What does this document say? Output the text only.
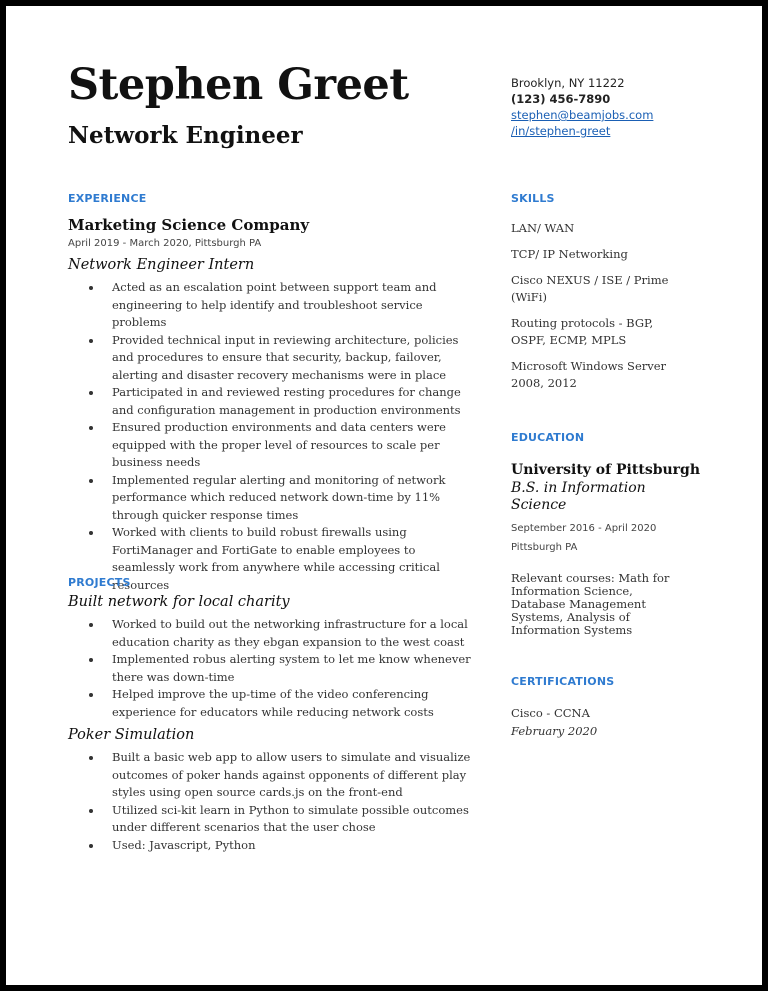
Stephen Greet
Network Engineer
Brooklyn, NY 11222
(123) 456-7890
stephen@beamjobs.com
/in/stephen-greet
EXPERIENCE
Marketing Science Company
April 2019 - March 2020, Pittsburgh PA
Network Engineer Intern
Acted as an escalation point between support team and engineering to help identify and troubleshoot service problems
Provided technical input in reviewing architecture, policies and procedures to ensure that security, backup, failover, alerting and disaster recovery mechanisms were in place
Participated in and reviewed resting procedures for change and configuration management in production environments
Ensured production environments and data centers were equipped with the proper level of resources to scale per business needs
Implemented regular alerting and monitoring of network performance which reduced network down-time by 11% through quicker response times
Worked with clients to build robust firewalls using FortiManager and FortiGate to enable employees to seamlessly work from anywhere while accessing critical resources
PROJECTS
Built network for local charity
Worked to build out the networking infrastructure for a local education charity as they ebgan expansion to the west coast
Implemented robus alerting system to let me know whenever there was down-time
Helped improve the up-time of the video conferencing experience for educators while reducing network costs
Poker Simulation
Built a basic web app to allow users to simulate and visualize outcomes of poker hands against opponents of different play styles using open source cards.js on the front-end
Utilized sci-kit learn in Python to simulate possible outcomes under different scenarios that the user chose
Used: Javascript, Python
SKILLS
LAN/ WAN
TCP/ IP Networking
Cisco NEXUS / ISE / Prime (WiFi)
Routing protocols - BGP, OSPF, ECMP, MPLS
Microsoft Windows Server 2008, 2012
EDUCATION
University of Pittsburgh
B.S. in Information Science
September 2016 - April 2020
Pittsburgh PA
Relevant courses: Math for Information Science, Database Management Systems, Analysis of Information Systems
CERTIFICATIONS
Cisco - CCNA
February 2020
